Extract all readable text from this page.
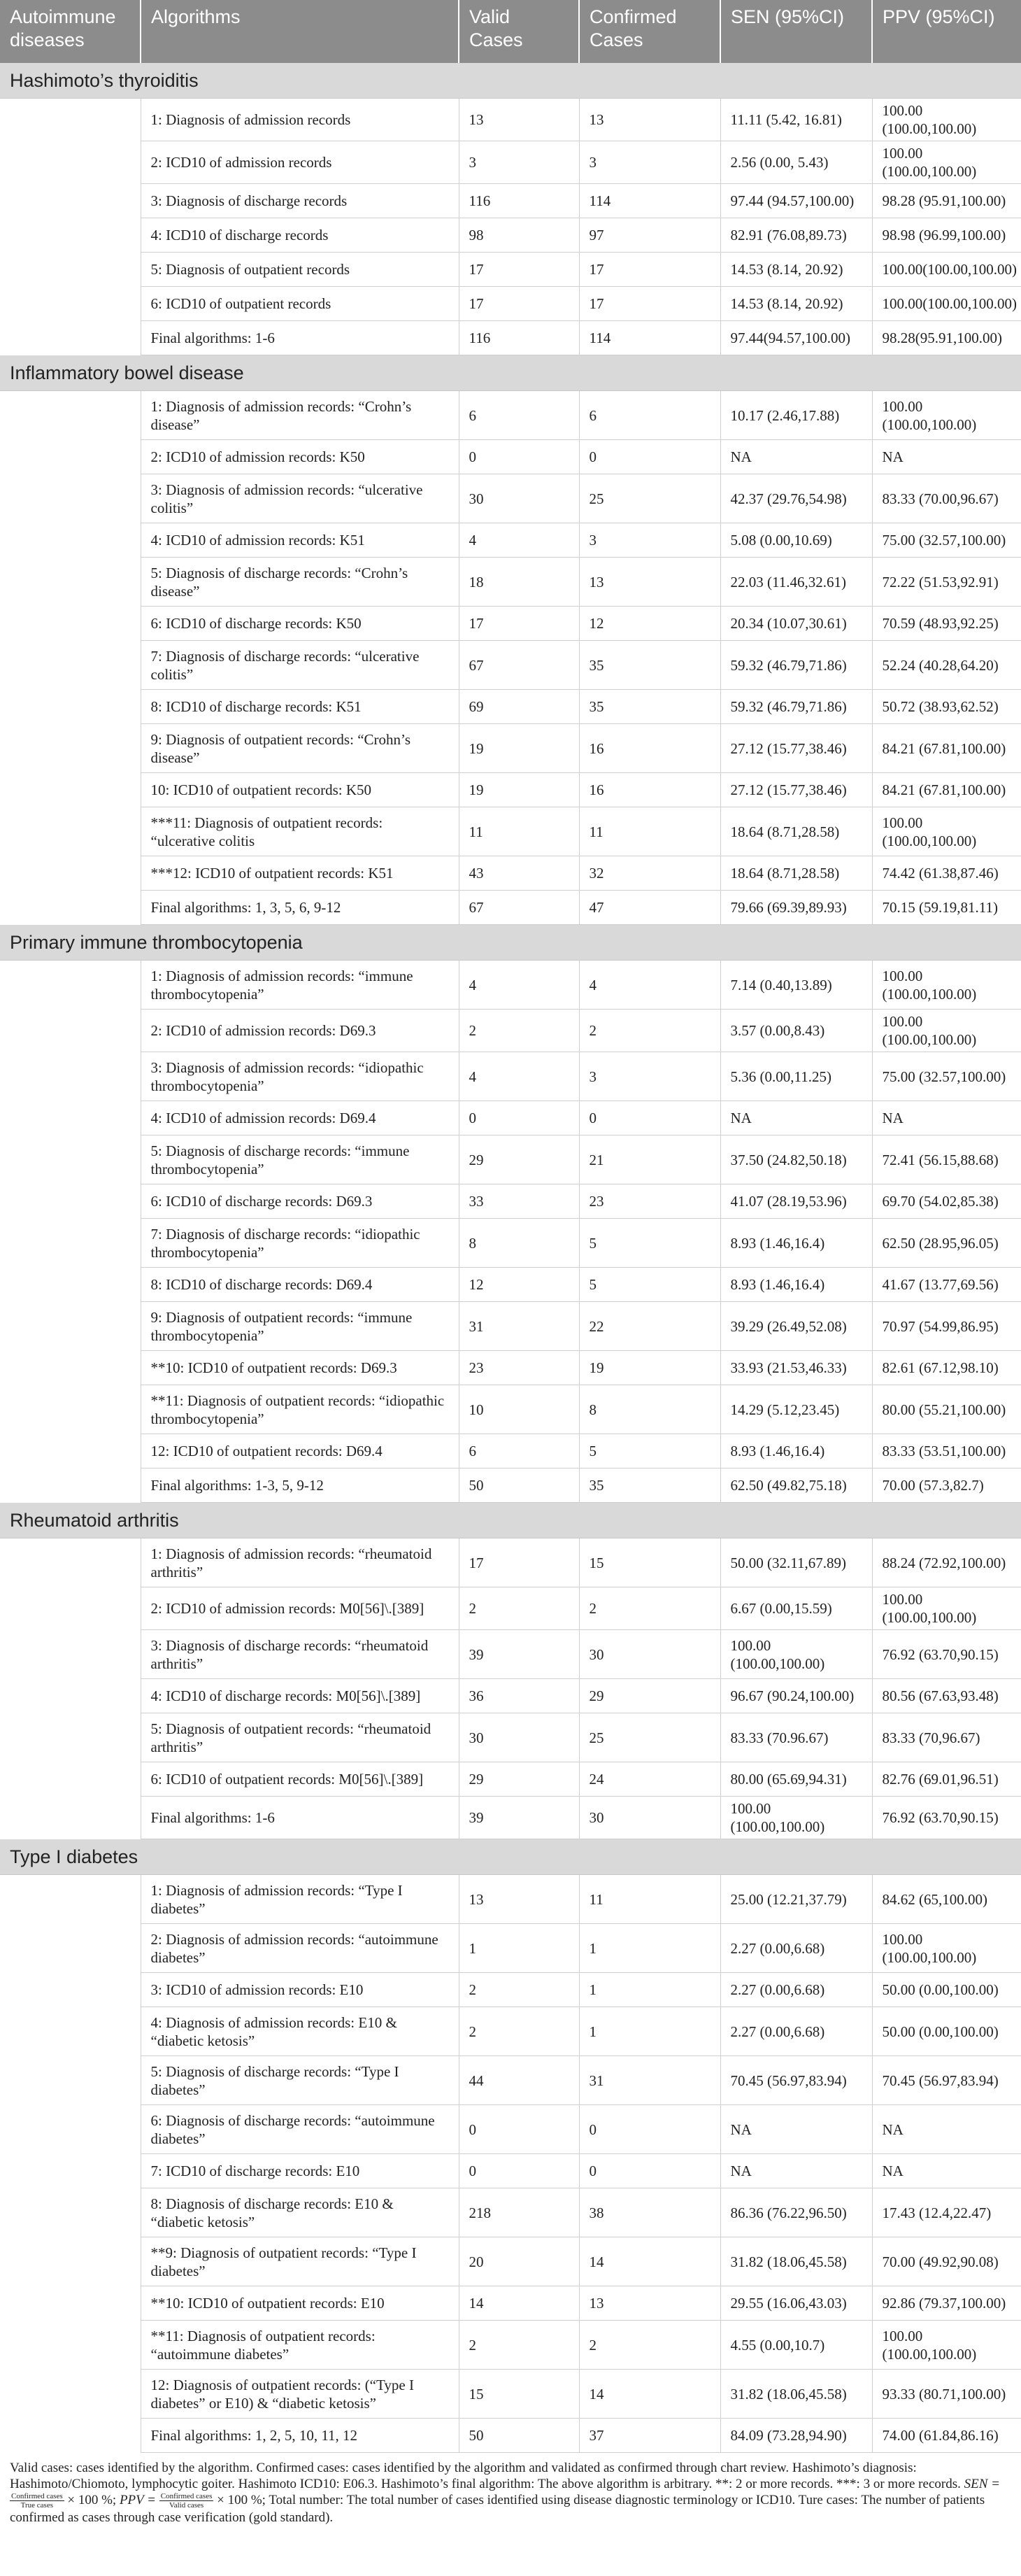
Autoimmune diseases	Algorithms	Valid Cases	Confirmed Cases	SEN (95%CI)	PPV (95%CI)
Hashimoto’s thyroiditis					
	1: Diagnosis of admission records	13	13	11.11 (5.42, 16.81)	100.00 (100.00,100.00)
	2: ICD10 of admission records	3	3	2.56 (0.00, 5.43)	100.00 (100.00,100.00)
	3: Diagnosis of discharge records	116	114	97.44 (94.57,100.00)	98.28 (95.91,100.00)
	4: ICD10 of discharge records	98	97	82.91 (76.08,89.73)	98.98 (96.99,100.00)
	5: Diagnosis of outpatient records	17	17	14.53 (8.14, 20.92)	100.00(100.00,100.00)
	6: ICD10 of outpatient records	17	17	14.53 (8.14, 20.92)	100.00(100.00,100.00)
	Final algorithms: 1-6	116	114	97.44(94.57,100.00)	98.28(95.91,100.00)
Inflammatory bowel disease					
	1: Diagnosis of admission records: “Crohn’s disease”	6	6	10.17 (2.46,17.88)	100.00 (100.00,100.00)
	2: ICD10 of admission records: K50	0	0	NA	NA
	3: Diagnosis of admission records: “ulcerative colitis”	30	25	42.37 (29.76,54.98)	83.33 (70.00,96.67)
	4: ICD10 of admission records: K51	4	3	5.08 (0.00,10.69)	75.00 (32.57,100.00)
	5: Diagnosis of discharge records: “Crohn’s disease”	18	13	22.03 (11.46,32.61)	72.22 (51.53,92.91)
	6: ICD10 of discharge records: K50	17	12	20.34 (10.07,30.61)	70.59 (48.93,92.25)
	7: Diagnosis of discharge records: “ulcerative colitis”	67	35	59.32 (46.79,71.86)	52.24 (40.28,64.20)
	8: ICD10 of discharge records: K51	69	35	59.32 (46.79,71.86)	50.72 (38.93,62.52)
	9: Diagnosis of outpatient records: “Crohn’s disease”	19	16	27.12 (15.77,38.46)	84.21 (67.81,100.00)
	10: ICD10 of outpatient records: K50	19	16	27.12 (15.77,38.46)	84.21 (67.81,100.00)
	***11: Diagnosis of outpatient records: “ulcerative colitis	11	11	18.64 (8.71,28.58)	100.00 (100.00,100.00)
	***12: ICD10 of outpatient records: K51	43	32	18.64 (8.71,28.58)	74.42 (61.38,87.46)
	Final algorithms: 1, 3, 5, 6, 9-12	67	47	79.66 (69.39,89.93)	70.15 (59.19,81.11)
Primary immune thrombocytopenia					
	1: Diagnosis of admission records: “immune thrombocytopenia”	4	4	7.14 (0.40,13.89)	100.00 (100.00,100.00)
	2: ICD10 of admission records: D69.3	2	2	3.57 (0.00,8.43)	100.00 (100.00,100.00)
	3: Diagnosis of admission records: “idiopathic thrombocytopenia”	4	3	5.36 (0.00,11.25)	75.00 (32.57,100.00)
	4: ICD10 of admission records: D69.4	0	0	NA	NA
	5: Diagnosis of discharge records: “immune thrombocytopenia”	29	21	37.50 (24.82,50.18)	72.41 (56.15,88.68)
	6: ICD10 of discharge records: D69.3	33	23	41.07 (28.19,53.96)	69.70 (54.02,85.38)
	7: Diagnosis of discharge records: “idiopathic thrombocytopenia”	8	5	8.93 (1.46,16.4)	62.50 (28.95,96.05)
	8: ICD10 of discharge records: D69.4	12	5	8.93 (1.46,16.4)	41.67 (13.77,69.56)
	9: Diagnosis of outpatient records: “immune thrombocytopenia”	31	22	39.29 (26.49,52.08)	70.97 (54.99,86.95)
	**10: ICD10 of outpatient records: D69.3	23	19	33.93 (21.53,46.33)	82.61 (67.12,98.10)
	**11: Diagnosis of outpatient records: “idiopathic thrombocytopenia”	10	8	14.29 (5.12,23.45)	80.00 (55.21,100.00)
	12: ICD10 of outpatient records: D69.4	6	5	8.93 (1.46,16.4)	83.33 (53.51,100.00)
	Final algorithms: 1-3, 5, 9-12	50	35	62.50 (49.82,75.18)	70.00 (57.3,82.7)
Rheumatoid arthritis					
	1: Diagnosis of admission records: “rheumatoid arthritis”	17	15	50.00 (32.11,67.89)	88.24 (72.92,100.00)
	2: ICD10 of admission records: M0[56]\.[389]	2	2	6.67 (0.00,15.59)	100.00 (100.00,100.00)
	3: Diagnosis of discharge records: “rheumatoid arthritis”	39	30	100.00 (100.00,100.00)	76.92 (63.70,90.15)
	4: ICD10 of discharge records: M0[56]\.[389]	36	29	96.67 (90.24,100.00)	80.56 (67.63,93.48)
	5: Diagnosis of outpatient records: “rheumatoid arthritis”	30	25	83.33 (70.96.67)	83.33 (70,96.67)
	6: ICD10 of outpatient records: M0[56]\.[389]	29	24	80.00 (65.69,94.31)	82.76 (69.01,96.51)
	Final algorithms: 1-6	39	30	100.00 (100.00,100.00)	76.92 (63.70,90.15)
Type I diabetes					
	1: Diagnosis of admission records: “Type I diabetes”	13	11	25.00 (12.21,37.79)	84.62 (65,100.00)
	2: Diagnosis of admission records: “autoimmune diabetes”	1	1	2.27 (0.00,6.68)	100.00 (100.00,100.00)
	3: ICD10 of admission records: E10	2	1	2.27 (0.00,6.68)	50.00 (0.00,100.00)
	4: Diagnosis of admission records: E10 & “diabetic ketosis”	2	1	2.27 (0.00,6.68)	50.00 (0.00,100.00)
	5: Diagnosis of discharge records: “Type I diabetes”	44	31	70.45 (56.97,83.94)	70.45 (56.97,83.94)
	6: Diagnosis of discharge records: “autoimmune diabetes”	0	0	NA	NA
	7: ICD10 of discharge records: E10	0	0	NA	NA
	8: Diagnosis of discharge records: E10 & “diabetic ketosis”	218	38	86.36 (76.22,96.50)	17.43 (12.4,22.47)
	**9: Diagnosis of outpatient records: “Type I diabetes”	20	14	31.82 (18.06,45.58)	70.00 (49.92,90.08)
	**10: ICD10 of outpatient records: E10	14	13	29.55 (16.06,43.03)	92.86 (79.37,100.00)
	**11: Diagnosis of outpatient records: “autoimmune diabetes”	2	2	4.55 (0.00,10.7)	100.00 (100.00,100.00)
	12: Diagnosis of outpatient records: (“Type I diabetes” or E10) & “diabetic ketosis”	15	14	31.82 (18.06,45.58)	93.33 (80.71,100.00)
	Final algorithms: 1, 2, 5, 10, 11, 12	50	37	84.09 (73.28,94.90)	74.00 (61.84,86.16)
Valid cases: cases identified by the algorithm. Confirmed cases: cases identified by the algorithm and validated as confirmed through chart review. Hashimoto’s diagnosis: Hashimoto/Chiomoto, lymphocytic goiter. Hashimoto ICD10: E06.3. Hashimoto’s final algorithm: The above algorithm is arbitrary. **: 2 or more records. ***: 3 or more records. SEN =
$\frac{\text{Confirmed cases}}{\text{True cases}} \times 100$ %; PPV = $\frac{\text{Confirmed cases}}{\text{Valid cases}} \times 100$ %; Total number: The total number of cases identified using disease diagnostic terminology or ICD10. Ture cases: The number of patients confirmed as cases through case verification (gold standard).
